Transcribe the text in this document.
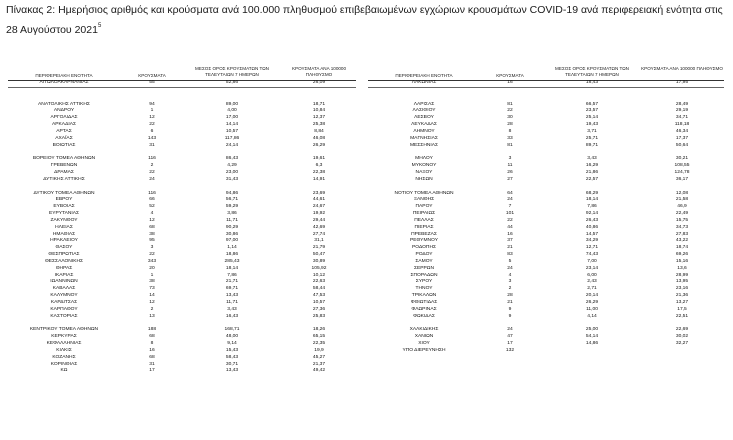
Πίνακας 2: Ημερήσιος αριθμός και κρούσματα ανά 100.000 πληθυσμού επιβεβαιωμένων εγχώριων κρουσμάτων COVID-19 ανά περιφερειακή ενότητα στις 28 Αυγούστου 2021$^5$
ΠΕΡΙΦΕΡΕΙΑΚΗ ΕΝΟΤΗΤΑ	ΚΡΟΥΣΜΑΤΑ
ΜΕΣΟΣ ΟΡΟΣ ΚΡΟΥΣΜΑΤΩΝ ΤΩΝ ΤΕΛΕΥΤΑΙΩΝ 7 ΗΜΕΡΩΝ
ΚΡΟΥΣΜΑΤΑ ΑΝΑ 100000 ΠΛΗΘΥΣΜΟ	ΠΕΡΙΦΕΡΕΙΑΚΗ ΕΝΟΤΗΤΑ	ΚΡΟΥΣΜΑΤΑ
ΜΕΣΟΣ ΟΡΟΣ ΚΡΟΥΣΜΑΤΩΝ ΤΩΝ ΤΕΛΕΥΤΑΙΩΝ 7 ΗΜΕΡΩΝ
ΚΡΟΥΣΜΑΤΑ ΑΝΑ 100000 ΠΛΗΘΥΣΜΟ
ΑΙΤΩΛΟΑΚΑΡΝΑΝΙΑΣ	55	52,86	26,09
ΑΝΑΤΟΛΙΚΗΣ ΑΤΤΙΚΗΣ	94	89,00	18,71
ΑΝΔΡΟΥ	1	4,00	10,84
ΑΡΓΟΛΙΔΑΣ	12	17,00	12,37
ΑΡΚΑΔΙΑΣ	22	14,14	25,38
ΑΡΤΑΣ	6	10,57	8,84
ΑΧΑΪΑΣ	143	117,86	46,08
ΒΟΙΩΤΙΑΣ	31	24,14	26,29
ΒΟΡΕΙΟΥ ΤΟΜΕΑ ΑΘΗΝΩΝ	116	86,43	19,61
ΓΡΕΒΕΝΩΝ	2	4,29	6,3
ΔΡΑΜΑΣ	22	23,00	22,38
ΔΥΤΙΚΗΣ ΑΤΤΙΚΗΣ	24	31,43	14,91
ΔΥΤΙΚΟΥ ΤΟΜΕΑ ΑΘΗΝΩΝ	116	94,86	23,69
ΕΒΡΟΥ	66	56,71	44,61
ΕΥΒΟΙΑΣ	52	59,29	24,67
ΕΥΡΥΤΑΝΙΑΣ	4	3,86	19,92
ΖΑΚΥΝΘΟΥ	12	11,71	29,44
ΗΛΕΙΑΣ	68	90,29	42,69
ΗΜΑΘΙΑΣ	38	30,86	27,74
ΗΡΑΚΛΕΙΟΥ	95	97,00	31,1
ΘΑΣΟΥ	3	1,14	21,79
ΘΕΣΠΡΩΤΙΑΣ	22	18,86	50,47
ΘΕΣΣΑΛΟΝΙΚΗΣ	343	285,43	30,89
ΘΗΡΑΣ	20	18,14	105,92
ΙΚΑΡΙΑΣ	1	7,86	10,12
ΙΩΑΝΝΙΝΩΝ	38	21,71	22,63
ΚΑΒΑΛΑΣ	73	69,71	58,44
ΚΑΛΥΜΝΟΥ	14	13,43	47,53
ΚΑΡΔΙΤΣΑΣ	12	11,71	10,57
ΚΑΡΠΑΘΟΥ	2	3,43	27,36
ΚΑΣΤΟΡΙΑΣ	13	16,43	25,83
ΚΕΝΤΡΙΚΟΥ ΤΟΜΕΑ ΑΘΗΝΩΝ	188	168,71	18,26
ΚΕΡΚΥΡΑΣ	68	48,00	65,15
ΚΕΦΑΛΛΗΝΙΑΣ	8	9,14	22,35
ΚΙΛΚΙΣ	16	15,43	19,9
ΚΟΖΑΝΗΣ	68	58,43	45,27
ΚΟΡΙΝΘΙΑΣ	31	30,71	21,37
ΚΩ	17	13,43	49,42
ΛΑΚΩΝΙΑΣ	16	18,43	17,95
ΛΑΡΙΣΑΣ	81	66,57	28,49
ΛΑΣΙΘΙΟΥ	22	23,57	29,19
ΛΕΣΒΟΥ	30	25,14	34,71
ΛΕΥΚΑΔΑΣ	28	19,43	118,18
ΛΗΜΝΟΥ	8	3,71	46,34
ΜΑΓΝΗΣΙΑΣ	33	25,71	17,37
ΜΕΣΣΗΝΙΑΣ	81	89,71	50,64
ΜΗΛΟΥ	3	3,43	30,21
ΜΥΚΟΝΟΥ	11	16,29	108,55
ΝΑΞΟΥ	26	21,86	124,78
ΝΗΣΩΝ	27	22,57	36,17
ΝΟΤΙΟΥ ΤΟΜΕΑ ΑΘΗΝΩΝ	64	68,29	12,08
ΞΑΝΘΗΣ	24	18,14	21,58
ΠΑΡΟΥ	7	7,86	46,9
ΠΕΙΡΑΙΩΣ	101	92,14	22,49
ΠΕΛΛΑΣ	22	26,43	15,75
ΠΙΕΡΙΑΣ	44	40,86	34,73
ΠΡΕΒΕΖΑΣ	16	14,57	27,83
ΡΕΘΥΜΝΟΥ	37	34,29	43,22
ΡΟΔΟΠΗΣ	21	12,71	18,74
ΡΟΔΟΥ	83	74,43	69,26
ΣΑΜΟΥ	5	7,00	15,16
ΣΕΡΡΩΝ	24	23,14	13,6
ΣΠΟΡΑΔΩΝ	4	6,00	28,99
ΣΥΡΟΥ	3	2,43	13,95
ΤΗΝΟΥ	2	2,71	23,16
ΤΡΙΚΑΛΩΝ	28	20,14	21,36
ΦΘΙΩΤΙΔΑΣ	21	26,29	13,27
ΦΛΩΡΙΝΑΣ	9	11,00	17,5
ΦΩΚΙΔΑΣ	9	4,14	22,51
ΧΑΛΚΙΔΙΚΗΣ	24	25,00	22,69
ΧΑΝΙΩΝ	47	54,14	30,02
ΧΙΟΥ	17	14,86	32,27
ΥΠΟ ΔΙΕΡΕΥΝΗΣΗ	132
